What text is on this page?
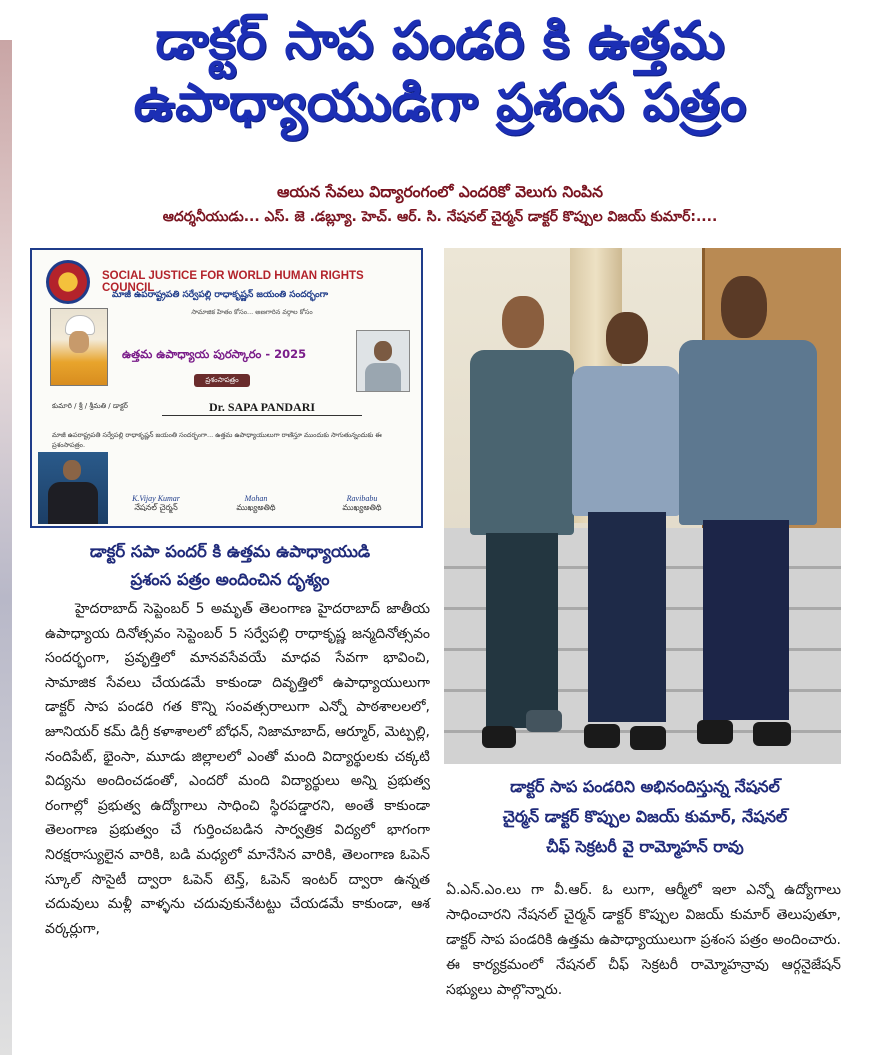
డాక్టర్ సాప పండరి కి ఉత్తమ
ఉపాధ్యాయుడిగా ప్రశంస పత్రం
ఆయన సేవలు విద్యారంగంలో ఎందరికో వెలుగు నింపిన
ఆదర్శనీయుడు... ఎస్. జె .డబ్ల్యూ. హెచ్. ఆర్. సి. నేషనల్ చైర్మన్ డాక్టర్ కొప్పుల విజయ్ కుమార్:....
SOCIAL JUSTICE FOR WORLD HUMAN RIGHTS COUNCIL
మాజీ ఉపరాష్ట్రపతి సర్వేపల్లి రాధాకృష్ణన్ జయంతి సందర్భంగా
సామాజిక హితం కోసం... అణగారిన వర్గాల కోసం
ఉత్తమ ఉపాధ్యాయ పురస్కారం - 2025
ప్రశంసాపత్రం
కుమారి / శ్రీ / శ్రీమతి / డాక్టర్	Dr. SAPA PANDARI
మాజీ ఉపరాష్ట్రపతి సర్వేపల్లి రాధాకృష్ణన్ జయంతి సందర్భంగా... ఉత్తమ ఉపాధ్యాయులుగా రాణిస్తూ ముందుకు సాగుతున్నందుకు ఈ ప్రశంసాపత్రం.
K.Vijay Kumar
నేషనల్ చైర్మన్
Mohan
ముఖ్యఅతిథి
Ravibabu
ముఖ్యఅతిథి
డాక్టర్ సపా పందర్ కి ఉత్తమ ఉపాధ్యాయుడి
ప్రశంస పత్రం అందించిన దృశ్యం

హైదరాబాద్ సెప్టెంబర్ 5 అమృత్ తెలంగాణ హైదరాబాద్ జాతీయ ఉపాధ్యాయ దినోత్సవం సెప్టెంబర్ 5 సర్వేపల్లి రాధాకృష్ణ జన్మదినోత్సవం సందర్భంగా, ప్రవృత్తిలో మానవసేవయే మాధవ సేవగా భావించి, సామాజిక సేవలు చేయడమే కాకుండా దివృత్తిలో ఉపాధ్యాయులుగా డాక్టర్ సాప పండరి గత కొన్ని సంవత్సరాలుగా ఎన్నో పాఠశాలలలో, జూనియర్ కమ్ డిగ్రీ కళాశాలలో బోధన్, నిజామాబాద్, ఆర్మూర్, మెట్పల్లి, నందిపేట్, భైంసా, మూడు జిల్లాలలో ఎంతో మంది విద్యార్థులకు చక్కటి విద్యను అందించడంతో, ఎందరో మంది విద్యార్థులు అన్ని ప్రభుత్వ రంగాల్లో ప్రభుత్వ ఉద్యోగాలు సాధించి స్థిరపడ్డారని, అంతే కాకుండా తెలంగాణ ప్రభుత్వం చే గుర్తించబడిన సార్వత్రిక విద్యలో భాగంగా నిరక్షరాస్యులైన వారికి, బడి మధ్యలో మానేసిన వారికి, తెలంగాణ ఓపెన్ స్కూల్ సొసైటీ ద్వారా ఓపెన్ టెన్త్, ఓపెన్ ఇంటర్ ద్వారా ఉన్నత చదువులు మళ్లీ వాళ్ళను చదువుకునేటట్టు చేయడమే కాకుండా, ఆశ వర్కర్లుగా,

డాక్టర్ సాప పండరిని అభినందిస్తున్న నేషనల్
చైర్మన్ డాక్టర్ కొప్పుల విజయ్ కుమార్, నేషనల్
చీఫ్ సెక్రటరీ వై రామ్మోహన్ రావు

ఏ.ఎన్.ఎం.లు గా వీ.ఆర్. ఓ లుగా, ఆర్మీలో ఇలా ఎన్నో ఉద్యోగాలు సాధించారని నేషనల్ చైర్మన్ డాక్టర్ కొప్పుల విజయ్ కుమార్ తెలుపుతూ, డాక్టర్ సాప పండరికి ఉత్తమ ఉపాధ్యాయులుగా ప్రశంస పత్రం అందించారు. ఈ కార్యక్రమంలో నేషనల్ చీఫ్ సెక్రటరీ రామ్మోహన్రావు ఆర్గనైజేషన్ సభ్యులు పాల్గొన్నారు.
